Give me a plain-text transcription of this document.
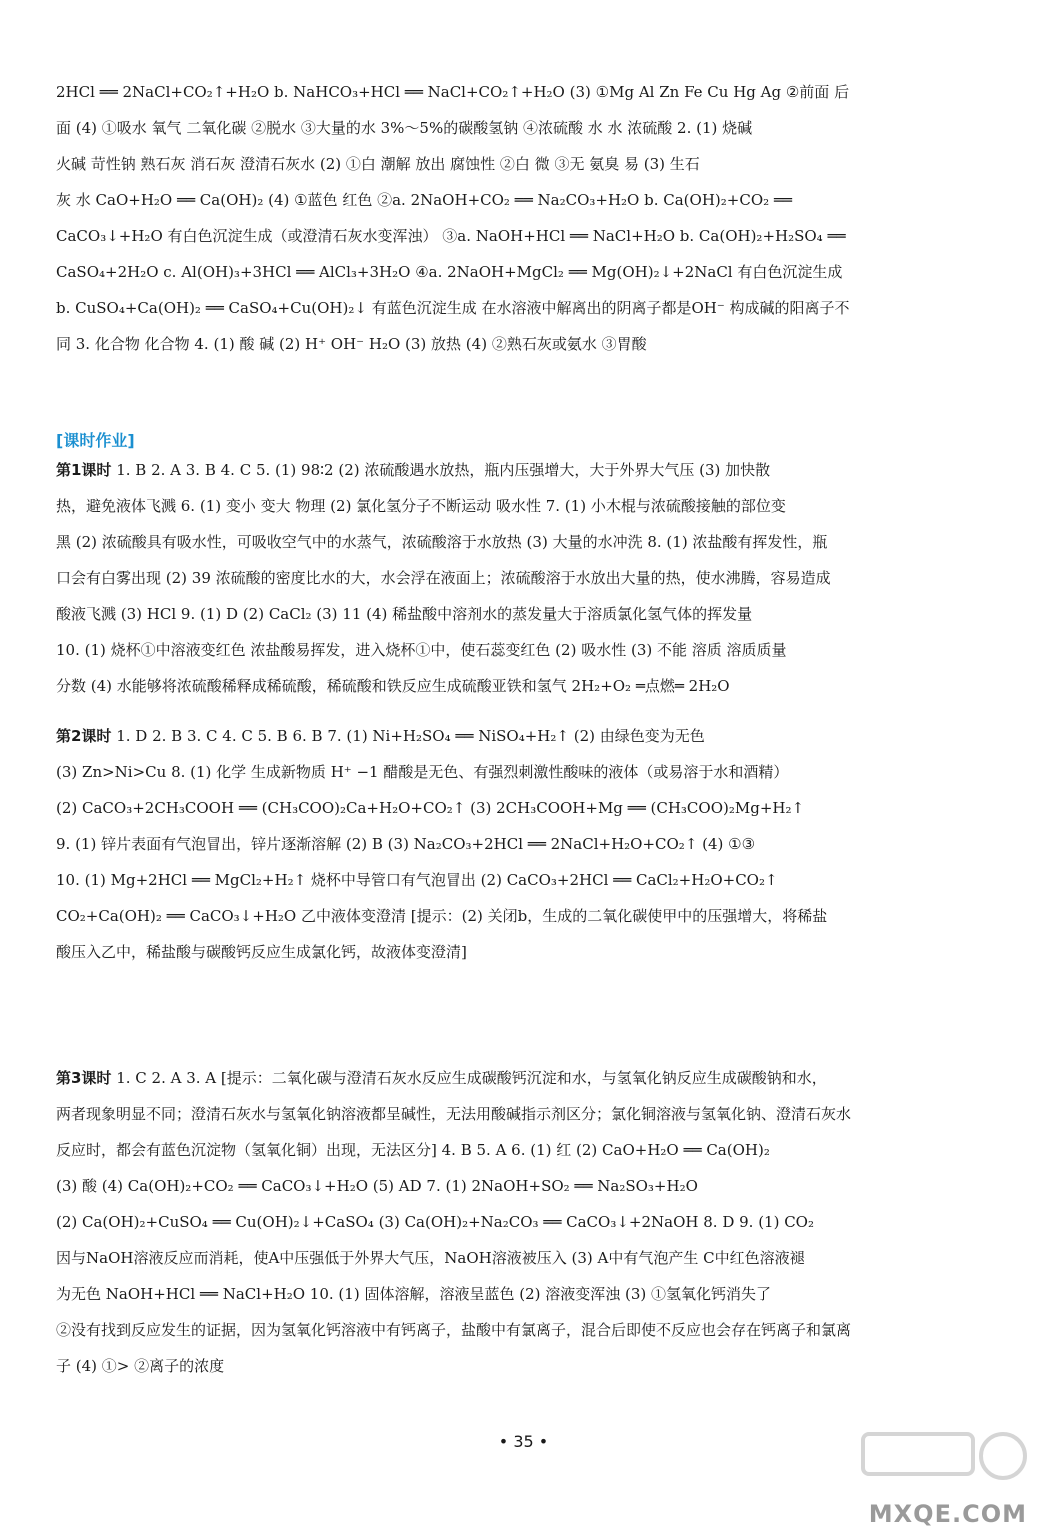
2HCl ══ 2NaCl+CO₂↑+H₂O b. NaHCO₃+HCl ══ NaCl+CO₂↑+H₂O (3) ①Mg Al Zn Fe Cu Hg Ag ②前面 后
面 (4) ①吸水 氧气 二氧化碳 ②脱水 ③大量的水 3%～5%的碳酸氢钠 ④浓硫酸 水 水 浓硫酸 2. (1) 烧碱
火碱 苛性钠 熟石灰 消石灰 澄清石灰水 (2) ①白 潮解 放出 腐蚀性 ②白 微 ③无 氨臭 易 (3) 生石
灰 水 CaO+H₂O ══ Ca(OH)₂ (4) ①蓝色 红色 ②a. 2NaOH+CO₂ ══ Na₂CO₃+H₂O b. Ca(OH)₂+CO₂ ══
CaCO₃↓+H₂O 有白色沉淀生成（或澄清石灰水变浑浊） ③a. NaOH+HCl ══ NaCl+H₂O b. Ca(OH)₂+H₂SO₄ ══
CaSO₄+2H₂O c. Al(OH)₃+3HCl ══ AlCl₃+3H₂O ④a. 2NaOH+MgCl₂ ══ Mg(OH)₂↓+2NaCl 有白色沉淀生成
b. CuSO₄+Ca(OH)₂ ══ CaSO₄+Cu(OH)₂↓ 有蓝色沉淀生成 在水溶液中解离出的阴离子都是OH⁻ 构成碱的阳离子不
同 3. 化合物 化合物 4. (1) 酸 碱 (2) H⁺ OH⁻ H₂O (3) 放热 (4) ②熟石灰或氨水 ③胃酸
[课时作业]
第1课时 1. B 2. A 3. B 4. C 5. (1) 98∶2 (2) 浓硫酸遇水放热，瓶内压强增大，大于外界大气压 (3) 加快散
热，避免液体飞溅 6. (1) 变小 变大 物理 (2) 氯化氢分子不断运动 吸水性 7. (1) 小木棍与浓硫酸接触的部位变
黑 (2) 浓硫酸具有吸水性，可吸收空气中的水蒸气，浓硫酸溶于水放热 (3) 大量的水冲洗 8. (1) 浓盐酸有挥发性，瓶
口会有白雾出现 (2) 39 浓硫酸的密度比水的大，水会浮在液面上；浓硫酸溶于水放出大量的热，使水沸腾，容易造成
酸液飞溅 (3) HCl 9. (1) D (2) CaCl₂ (3) 11 (4) 稀盐酸中溶剂水的蒸发量大于溶质氯化氢气体的挥发量
10. (1) 烧杯①中溶液变红色 浓盐酸易挥发，进入烧杯①中，使石蕊变红色 (2) 吸水性 (3) 不能 溶质 溶质质量
分数 (4) 水能够将浓硫酸稀释成稀硫酸，稀硫酸和铁反应生成硫酸亚铁和氢气 2H₂+O₂ ═点燃═ 2H₂O
第2课时 1. D 2. B 3. C 4. C 5. B 6. B 7. (1) Ni+H₂SO₄ ══ NiSO₄+H₂↑ (2) 由绿色变为无色
(3) Zn>Ni>Cu 8. (1) 化学 生成新物质 H⁺ −1 醋酸是无色、有强烈刺激性酸味的液体（或易溶于水和酒精）
(2) CaCO₃+2CH₃COOH ══ (CH₃COO)₂Ca+H₂O+CO₂↑ (3) 2CH₃COOH+Mg ══ (CH₃COO)₂Mg+H₂↑
9. (1) 锌片表面有气泡冒出，锌片逐渐溶解 (2) B (3) Na₂CO₃+2HCl ══ 2NaCl+H₂O+CO₂↑ (4) ①③
10. (1) Mg+2HCl ══ MgCl₂+H₂↑ 烧杯中导管口有气泡冒出 (2) CaCO₃+2HCl ══ CaCl₂+H₂O+CO₂↑
CO₂+Ca(OH)₂ ══ CaCO₃↓+H₂O 乙中液体变澄清 [提示：(2) 关闭b，生成的二氧化碳使甲中的压强增大，将稀盐
酸压入乙中，稀盐酸与碳酸钙反应生成氯化钙，故液体变澄清]
第3课时 1. C 2. A 3. A [提示：二氧化碳与澄清石灰水反应生成碳酸钙沉淀和水，与氢氧化钠反应生成碳酸钠和水，
两者现象明显不同；澄清石灰水与氢氧化钠溶液都呈碱性，无法用酸碱指示剂区分；氯化铜溶液与氢氧化钠、澄清石灰水
反应时，都会有蓝色沉淀物（氢氧化铜）出现，无法区分] 4. B 5. A 6. (1) 红 (2) CaO+H₂O ══ Ca(OH)₂
(3) 酸 (4) Ca(OH)₂+CO₂ ══ CaCO₃↓+H₂O (5) AD 7. (1) 2NaOH+SO₂ ══ Na₂SO₃+H₂O
(2) Ca(OH)₂+CuSO₄ ══ Cu(OH)₂↓+CaSO₄ (3) Ca(OH)₂+Na₂CO₃ ══ CaCO₃↓+2NaOH 8. D 9. (1) CO₂
因与NaOH溶液反应而消耗，使A中压强低于外界大气压，NaOH溶液被压入 (3) A中有气泡产生 C中红色溶液褪
为无色 NaOH+HCl ══ NaCl+H₂O 10. (1) 固体溶解，溶液呈蓝色 (2) 溶液变浑浊 (3) ①氢氧化钙消失了
②没有找到反应发生的证据，因为氢氧化钙溶液中有钙离子，盐酸中有氯离子，混合后即使不反应也会存在钙离子和氯离
子 (4) ①> ②离子的浓度
• 35 •
MXQE.COM
